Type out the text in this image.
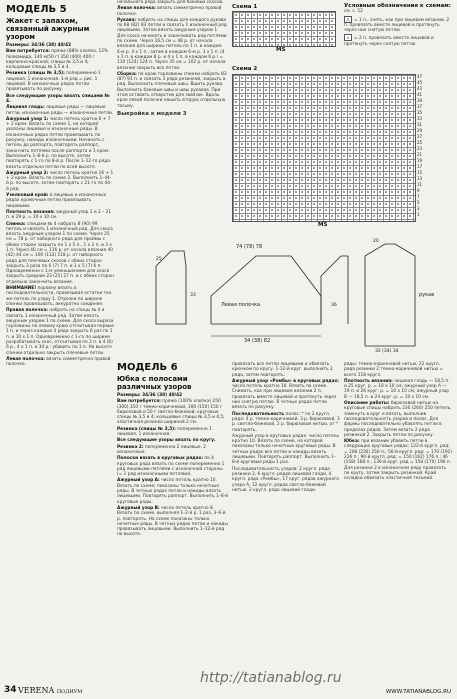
МОДЕЛЬ 5
Жакет с запахом, связанный ажурным узором

Размеры: 34/36 (38) 40/42

Вам потребуется: пряжа (88% хлопка, 12% полиамида, 140 м/50 г) 350 (400) 400 г кирпично-красной; спицы № 3,5 и 4; кольцевые спицы № 3,5 и 4.

Резинка (спицы № 3,5): попеременно 1 лицевая, 1 изнаночная. 1-й ряд = рис. 1 лицевой. В изнаночных рядах петли провязывать по рисунку.

Все следующие узоры вязать спицами № 4.

Лицевая гладь: лицевые ряды — лицевые петли, изнаночные ряды — изнаночные петли.

Ажурный узор 1: число петель кратно 6 + 7 + 2 кром. Вязать по схеме 1, на которой указаны лицевые и изнаночные ряды. В изнаночных рядах петли провязывать по рисунку, накиды изнаночными. Начинать с петель до раппорта, повторять раппорт, закончить петлями после раппорта и 1 кром. Выполнить 1–8-й р. по высоте, затем повторять с 1-го по 8-й р. После 1–12-го ряда вязать отдельно петли по всей высоте.

Ажурный узор 2: число петель кратно 16 + 1 + 2 кром. Вязать по схеме 2. Выполнить 1–44-й р. по высоте, затем повторять с 21-го по 44-й ряд.

Узелковый край: в лицевых и изнаночных рядах кромочные петли провязывать лицевыми.

Плотность вязания: ажурный узор 1 и 2 – 21 п. и 29 р. = 10 х 10 см.

Спинка: спицами № 4 набрать 8 (90) 99 петель и связать 1 изнаночный ряд. Для скоса вязать ажурным узором 1 по схеме. Через 25 см = 78 р. от наборного ряда для проймы с обеих сторон закрыть по 1 х 5 п., 1 х 2 п. и 3 х 1 п. Через 40 см = 116 р. от начала вязания 40 (42) 44 см = 100 (112) 118 р. от наборного ряда для плечевых скосов с обеих сторон закрыть 3 раза по 6 (7) 7 п. и 1 х 5 (7) 6 п. Одновременно с 1-м уменьшением для скоса закрыть средние 23 (25) 27 п. и с обеих сторон отдельно закончить вязание.

ВНИМАНИЕ! поровну вязать в последовательности, провязывая остатки тех же петель по узору 1. Отрезки по ширине спинки провязывать, аккуратно соединяя.

Правая полочка: набрать на спицы № 4 и связать 1 изнаночный ряд. Затем вязать ажурным узором 1 по схеме. Для скоса выреза горловины по левому краю отсчитывая первые 1 п. и через каждые 4 ряда закрыть 6 раз по 1 п. и 10 х 1 п. Одновременно с 1-го по ширине разрабатывать скос, отсчитывая по 2 п. в 4 (6) 6 р., 4 х 1 п. и 34 р.: убавить по 1 п. На высоте спинки отдельно закрыть плечевые петли.

Левая полочка: вязать симметрично правой полочке.

начального ряда закрыть для боковых скосов.

Левая полочка: вязать симметрично правой полочке.

Рукава: набрать на спицы для каждого рукава по 68 (82) 83 петли и связать 1 изнаночный ряд лицевыми. Затем вязать ажурным узором 1. Для скоса начинать и заканчивать ряд петлями по схеме. Через 16,5 см = 48 р. от начала вязания для ширины петель по 1 п. в каждом 4-м р. 4 х 1 п., затем в каждом 6-м р. 3 х 1 п. (4 х 1 п. в каждом 8 р. и 4 х 1 п. в каждом 6 р.) = 110 (124) 124 п. Через 35 см = 102 р. от начала вязания закрыть все петли.

Сборка: по краю горловины спинки набрать 83 (87) 91 п. и связать 3 ряда резинкой, закрыть в ряд. Выполнить плечевые швы. Вшить рукава. Выполнить боковые швы и швы рукавов. При этом оставить отверстие для завязок. Вдоль края левой полочки нашить вторую отдельную тесьму.

Выкройка к модели 3

34 (38) 82
74 (78) 78
Левая полочка
25
33
36
МОДЕЛЬ 6
Юбка с полосами различных узоров

Размеры: 34/36 (38) 40/42

Вам потребуется: пряжа (100% хлопка) 250 (300) 350 г темно-коричневой, 100 (150) 150 г бирюзовой и 50 г светло-бежевой; круговые спицы № 3,5 и 4; кольцевые спицы № 3,5 и 4,5; эластичная резинка шириной 2 см.

Резинка (спицы № 3,5): попеременно 1 лицевая, 1 изнаночная.

Все следующие узоры вязать по кругу.

Резинка 2: попеременно 2 лицевые, 2 изнаночные.

Полоски вязать в круговых рядах: по 4 круговых ряда вязать по схеме попеременно 1 ряд лицевыми петлями с изнаночной стороны (= 1 ряд изнаночными петлями).

Ажурный узор А: число петель кратно 10. Вязать по схеме; показаны только нечетные ряды. В четных рядах петли и накиды вязать лицевыми. Повторять раппорт. Выполнить 1–8-й круговые ряды.

Ажурный узор В: число петель кратно 8. Вязать по схеме, выполняя 1–2-й р. 1 раз, 3–6-й р. повторять. На схеме показаны только нечетные ряды. В четных рядах петли и накиды провязывать лицевыми. Выполнить 1–12-й ряд по высоте.

провязать все петли лицевыми и обвязать крючком по кругу. 1-12-й круг. выполнить 2 ряда, затем повторять.

Ажурный узор «Ромбы» в круговых рядах: число петель кратно 10. Вязать по схеме. Снимать, как при лицевом вязании 2 п. провязать вместе лицевой и протянуть через них снятую петлю. В четных рядах петли вязать по рисунку.

Последовательность полос: * по 2 кругл. ряда: 4 р. темно-коричневой, 3 р. бирюзовой, 3 р. светло-бежевой, 2 р. бирюзовой нитью, от * повторять.

Ажурный узор в круговых рядах: число петель кратно 10. Вязать по схеме, на которой показаны только нечетные круговые ряды. В четных рядах все петли и накиды вязать лицевыми. Повторять раппорт. Выполнить 1–8-й круговые ряды 1 раз.

Последовательность узоров: 2 кругл. ряда резинки 2, 6 кругл. рядов лицевой глади, 4 кругл. ряда «Ромбы», 17 круг. рядов ажурного узора A, 12 кругл. рядов светло-бежевой нитью. 2 кругл. ряда лицевой глади.

Схема 1
MS

Условные обозначения к схемам: см. с. 52

⋀ = 1 п., снять, как при лицевом вязании, 2 п. провязать вместе лицевой и протянуть через них снятую петлю

⋏ = 2 п. провязать вместе лицевой и протянуть через снятую петлю

Схема 2
47
45
43
41
39
37
35
33
31
29
27
25
23
21
19
17
15
13
11
9
7
5
3
1
MS
рукав
20
32 (34) 34

ряды: темно-коричневой нитью, 22 кругл. ряда резинки 2 темно-коричневой нитью = всего 118 кругл.

Плотность вязания: лицевая гладь — 18,5 п. и 25 круг. р. = 10 х 10 см; ажурный узор A — 19 п. и 26 круг. р. = 10 х 10 см; ажурный узор B — 18,5 п. и 24 круг. р. = 10 х 10 см.

Описание работы: бирюзовой нитью на круговые спицы набрать 230 (260) 250 петель, замкнуть в круг и вязать, выполнив последовательность узоров и полос. Для формы последовательно убавлять петли в пределах рядов. Затем вязать 2 ряда резинкой 2. Закрыть петли по рисунку.

Юбка: при вязании убавить петли в следующих круговых рядах: 122-й кругл. ряд: = 208 (230) 250 п.; 56-й кругл. ряд: = 170 (192) 226 п.; 90-й кругл. ряд: = 150 (162) 176 п.; 46 (158) 168 п.; 136-й круг. ряд = 158 (170) 190 п. Для резинки 2 в изнаночном ряду провязать по кругу, затем закрыть резинкой. Край складки обвязать эластичной тесьмой.

34 VERENA ПОДИУМ
http://tatianablog.ru
WWW.TATIANABLOG.RU
